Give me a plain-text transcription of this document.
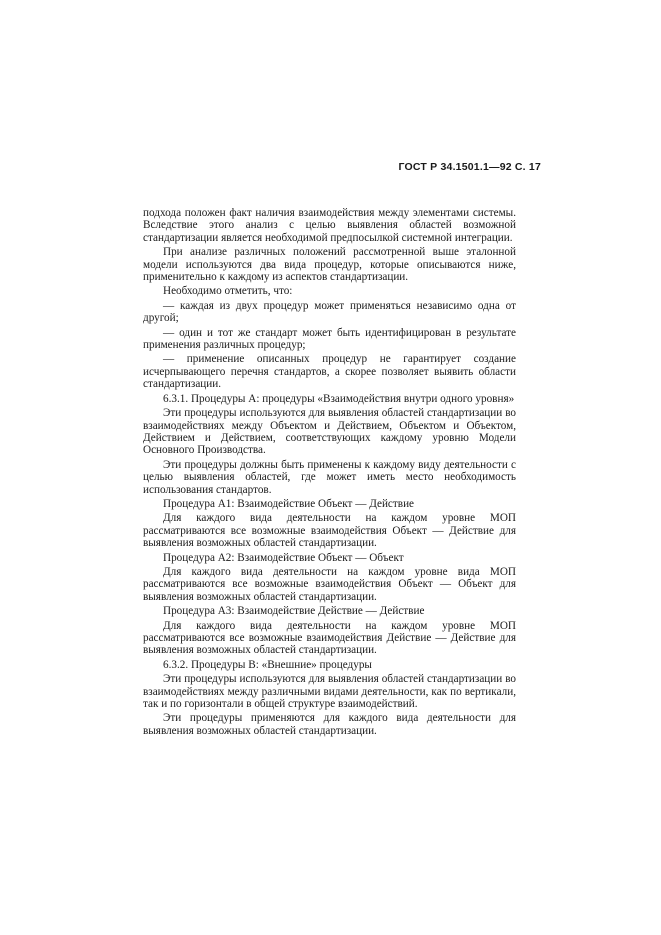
ГОСТ Р 34.1501.1—92 С. 17

подхода положен факт наличия взаимодействия между элементами системы. Вследствие этого анализ с целью выявления областей возможной стандартизации является необходимой предпосылкой системной интеграции.

При анализе различных положений рассмотренной выше эталонной модели используются два вида процедур, которые описываются ниже, применительно к каждому из аспектов стандартизации.

Необходимо отметить, что:

— каждая из двух процедур может применяться независимо одна от другой;

— один и тот же стандарт может быть идентифицирован в результате применения различных процедур;

— применение описанных процедур не гарантирует создание исчерпывающего перечня стандартов, а скорее позволяет выявить области стандартизации.

6.3.1. Процедуры А: процедуры «Взаимодействия внутри одного уровня»

Эти процедуры используются для выявления областей стандартизации во взаимодействиях между Объектом и Действием, Объектом и Объектом, Действием и Действием, соответствующих каждому уровню Модели Основного Производства.

Эти процедуры должны быть применены к каждому виду деятельности с целью выявления областей, где может иметь место необходимость использования стандартов.

Процедура А1: Взаимодействие Объект — Действие

Для каждого вида деятельности на каждом уровне МОП рассматриваются все возможные взаимодействия Объект — Действие для выявления возможных областей стандартизации.

Процедура А2: Взаимодействие Объект — Объект

Для каждого вида деятельности на каждом уровне вида МОП рассматриваются все возможные взаимодействия Объект — Объект для выявления возможных областей стандартизации.

Процедура А3: Взаимодействие Действие — Действие

Для каждого вида деятельности на каждом уровне МОП рассматриваются все возможные взаимодействия Действие — Действие для выявления возможных областей стандартизации.

6.3.2. Процедуры В: «Внешние» процедуры

Эти процедуры используются для выявления областей стандартизации во взаимодействиях между различными видами деятельности, как по вертикали, так и по горизонтали в общей структуре взаимодействий.

Эти процедуры применяются для каждого вида деятельности для выявления возможных областей стандартизации.
